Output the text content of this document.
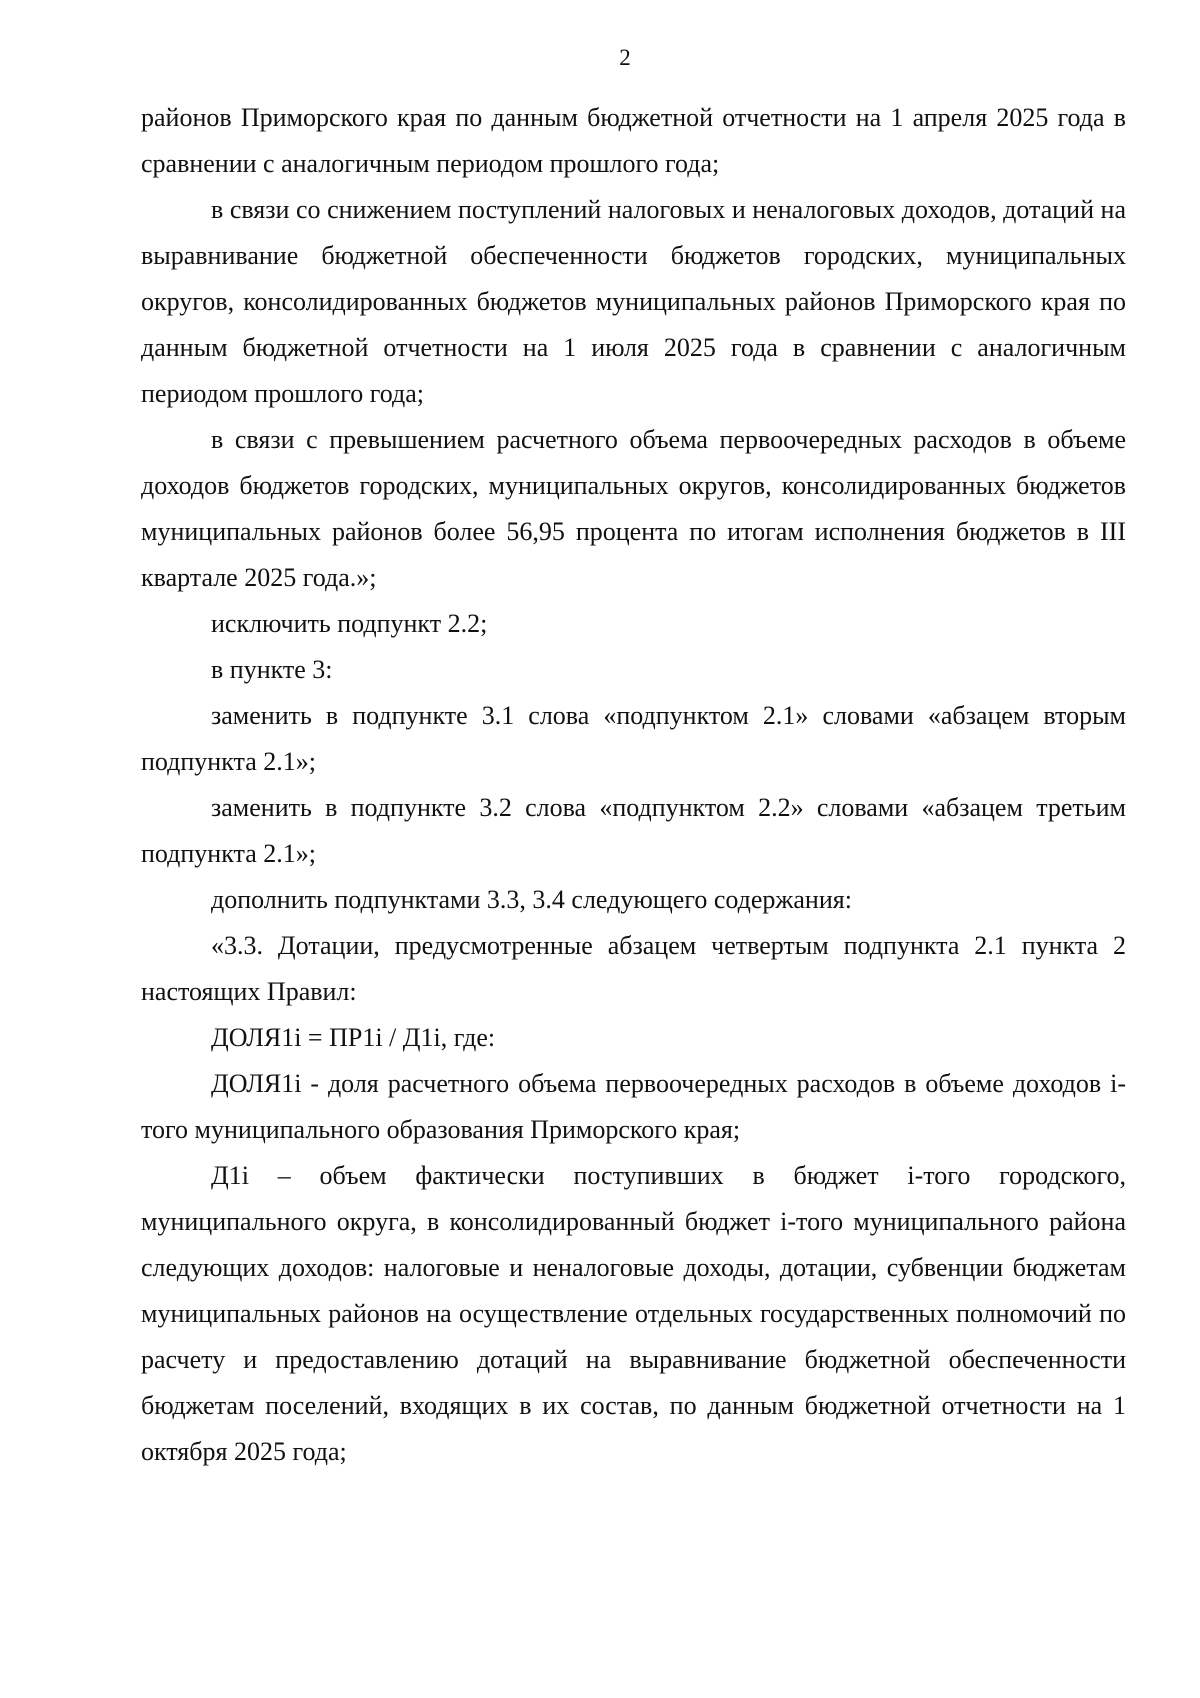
2

районов Приморского края по данным бюджетной отчетности на 1 апреля 2025 года в сравнении с аналогичным периодом прошлого года;

в связи со снижением поступлений налоговых и неналоговых доходов, дотаций на выравнивание бюджетной обеспеченности бюджетов городских, муниципальных округов, консолидированных бюджетов муниципальных районов Приморского края по данным бюджетной отчетности на 1 июля 2025 года в сравнении с аналогичным периодом прошлого года;

в связи с превышением расчетного объема первоочередных расходов в объеме доходов бюджетов городских, муниципальных округов, консолидированных бюджетов муниципальных районов более 56,95 процента по итогам исполнения бюджетов в III квартале 2025 года.»;

исключить подпункт 2.2;

в пункте 3:

заменить в подпункте 3.1 слова «подпунктом 2.1» словами «абзацем вторым подпункта 2.1»;

заменить в подпункте 3.2 слова «подпунктом 2.2» словами «абзацем третьим подпункта 2.1»;

дополнить подпунктами 3.3, 3.4 следующего содержания:

«3.3. Дотации, предусмотренные абзацем четвертым подпункта 2.1 пункта 2 настоящих Правил:

ДОЛЯ1i = ПР1i / Д1i, где:

ДОЛЯ1i - доля расчетного объема первоочередных расходов в объеме доходов i-того муниципального образования Приморского края;

Д1i – объем фактически поступивших в бюджет i-того городского, муниципального округа, в консолидированный бюджет i-того муниципального района следующих доходов: налоговые и неналоговые доходы, дотации, субвенции бюджетам муниципальных районов на осуществление отдельных государственных полномочий по расчету и предоставлению дотаций на выравнивание бюджетной обеспеченности бюджетам поселений, входящих в их состав, по данным бюджетной отчетности на 1 октября 2025 года;
